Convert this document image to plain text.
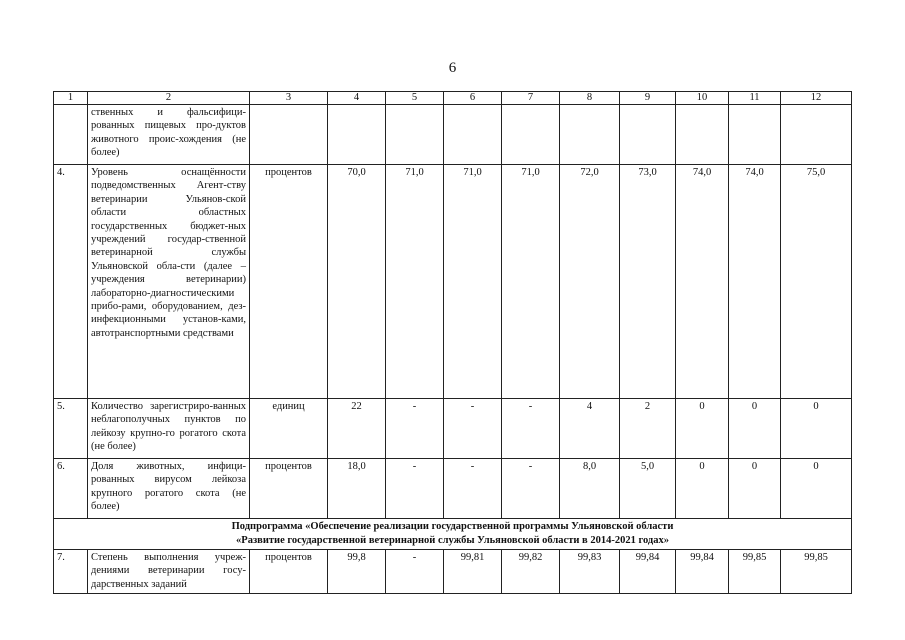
6
1	2	3	4	5	6	7	8	9	10	11	12
	ственных и фальсифици-рованных пищевых про-дуктов животного проис-хождения (не более)										
4.	Уровень оснащённости подведомственных Агент-ству ветеринарии Ульянов-ской области областных государственных бюджет-ных учреждений государ-ственной ветеринарной службы Ульяновской обла-сти (далее – учреждения ветеринарии) лабораторно-диагностическими прибо-рами, оборудованием, дез-инфекционными установ-ками, автотранспортными средствами	процентов	70,0	71,0	71,0	71,0	72,0	73,0	74,0	74,0	75,0
5.	Количество зарегистриро-ванных неблагополучных пунктов по лейкозу крупно-го рогатого скота (не более)	единиц	22	-	-	-	4	2	0	0	0
6.	Доля животных, инфици-рованных вирусом лейкоза крупного рогатого скота (не более)	процентов	18,0	-	-	-	8,0	5,0	0	0	0

Подпрограмма «Обеспечение реализации государственной программы Ульяновской области
«Развитие государственной ветеринарной службы Ульяновской области в 2014-2021 годах»											

7.	Степень выполнения учреж-дениями ветеринарии госу-дарственных заданий	процентов	99,8	-	99,81	99,82	99,83	99,84	99,84	99,85	99,85
